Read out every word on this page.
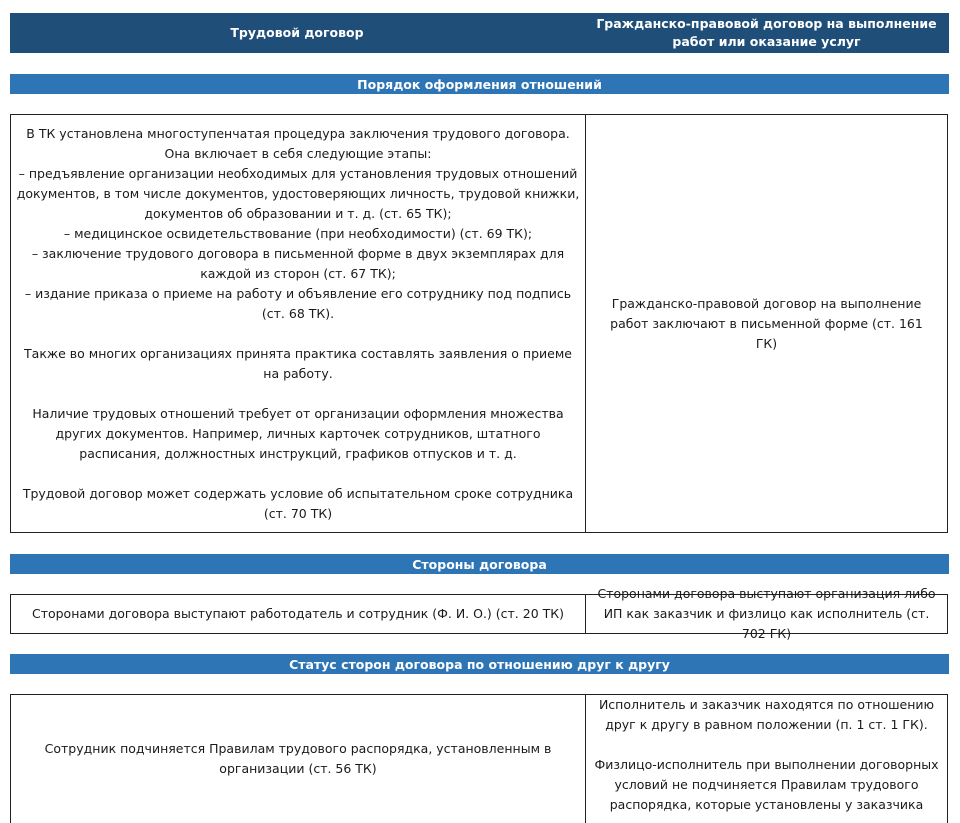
Трудовой договор
Гражданско-правовой договор на выполнение работ или оказание услуг
Порядок оформления отношений

В ТК установлена многоступенчатая процедура заключения трудового договора. Она включает в себя следующие этапы:

– предъявление организации необходимых для установления трудовых отношений документов, в том числе документов, удостоверяющих личность, трудовой книжки, документов об образовании и т. д. (ст. 65 ТК);

– медицинское освидетельствование (при необходимости) (ст. 69 ТК);

– заключение трудового договора в письменной форме в двух экземплярах для каждой из сторон (ст. 67 ТК);

– издание приказа о приеме на работу и объявление его сотруднику под подпись (ст. 68 ТК).

Также во многих организациях принята практика составлять заявления о приеме на работу.

Наличие трудовых отношений требует от организации оформления множества других документов. Например, личных карточек сотрудников, штатного расписания, должностных инструкций, графиков отпусков и т. д.

Трудовой договор может содержать условие об испытательном сроке сотрудника (ст. 70 ТК)

Гражданско-правовой договор на выполнение работ заключают в письменной форме (ст. 161 ГК)
Стороны договора
Сторонами договора выступают работодатель и сотрудник (Ф. И. О.) (ст. 20 ТК)
Сторонами договора выступают организация либо ИП как заказчик и физлицо как исполнитель (ст. 702 ГК)
Статус сторон договора по отношению друг к другу
Сотрудник подчиняется Правилам трудового распорядка, установленным в организации (ст. 56 ТК)

Исполнитель и заказчик находятся по отношению друг к другу в равном положении (п. 1 ст. 1 ГК).

Физлицо-исполнитель при выполнении договорных условий не подчиняется Правилам трудового распорядка, которые установлены у заказчика
